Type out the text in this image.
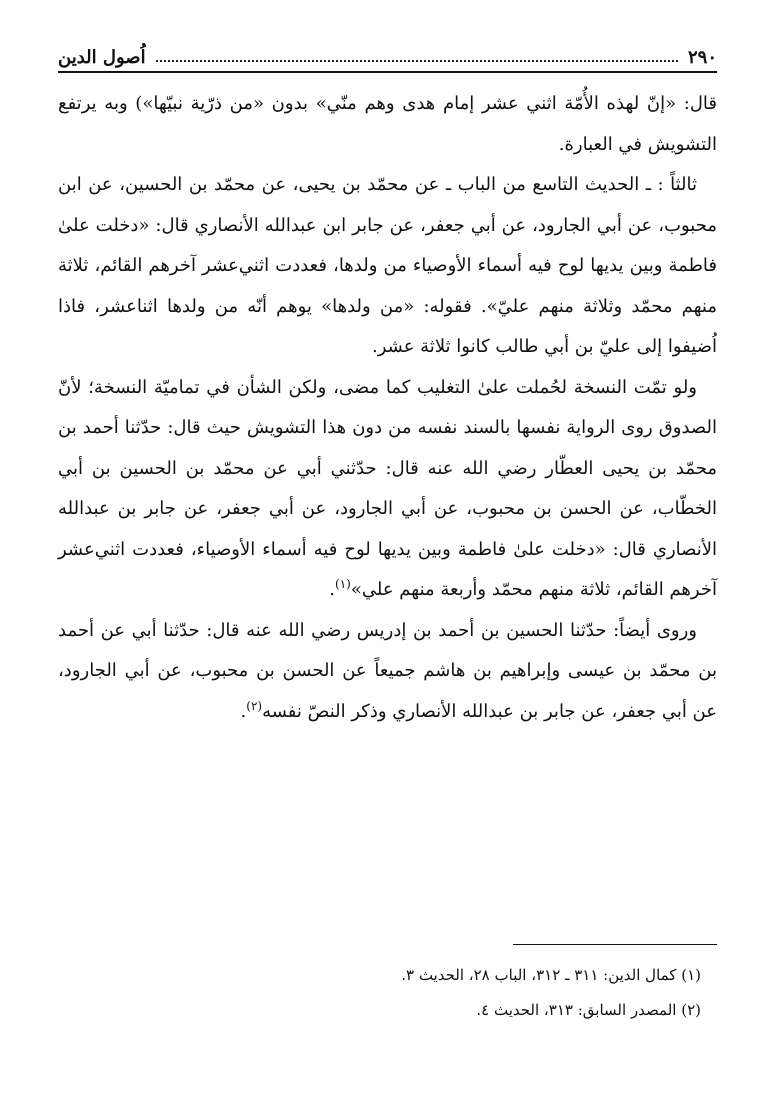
٢٩٠
اُصول الدين

قال: «إنّ لهذه الأُمّة اثني عشر إمام هدى وهم منّي» بدون «من ذرّية نبيّها») وبه يرتفع التشويش في العبارة.

ثالثاً : ـ الحديث التاسع من الباب ـ عن محمّد بن يحيى، عن محمّد بن الحسين، عن ابن محبوب، عن أبي الجارود، عن أبي جعفر، عن جابر ابن عبدالله الأنصاري قال: «دخلت علىٰ فاطمة وبين يديها لوح فيه أسماء الأوصياء من ولدها، فعددت اثني‌عشر آخرهم القائم، ثلاثة منهم محمّد وثلاثة منهم عليّ». فقوله: «من ولدها» يوهم أنّه من ولدها اثناعشر، فاذا اُضيفوا إلى عليّ بن أبي طالب كانوا ثلاثة عشر.

ولو تمّت النسخة لحُملت علىٰ التغليب كما مضى، ولكن الشأن في تماميّة النسخة؛ لأنّ الصدوق روى الرواية نفسها بالسند نفسه من دون هذا التشويش حيث قال: حدّثنا أحمد بن محمّد بن يحيى العطّار رضي الله عنه قال: حدّثني أبي عن محمّد بن الحسين بن أبي الخطّاب، عن الحسن بن محبوب، عن أبي الجارود، عن أبي جعفر، عن جابر بن عبدالله الأنصاري قال: «دخلت علىٰ فاطمة وبين يديها لوح فيه أسماء الأوصياء، فعددت اثني‌عشر آخرهم القائم، ثلاثة منهم محمّد وأربعة منهم علي»$^{(١)}$.

وروى أيضاً: حدّثنا الحسين بن أحمد بن إدريس رضي الله عنه قال: حدّثنا أبي عن أحمد بن محمّد بن عيسى وإبراهيم بن هاشم جميعاً عن الحسن بن محبوب، عن أبي الجارود، عن أبي جعفر، عن جابر بن عبدالله الأنصاري وذكر النصّ نفسه$^{(٢)}$.

(١) كمال الدين: ٣١١ ـ ٣١٢، الباب ٢٨، الحديث ٣.

(٢) المصدر السابق: ٣١٣، الحديث ٤.
